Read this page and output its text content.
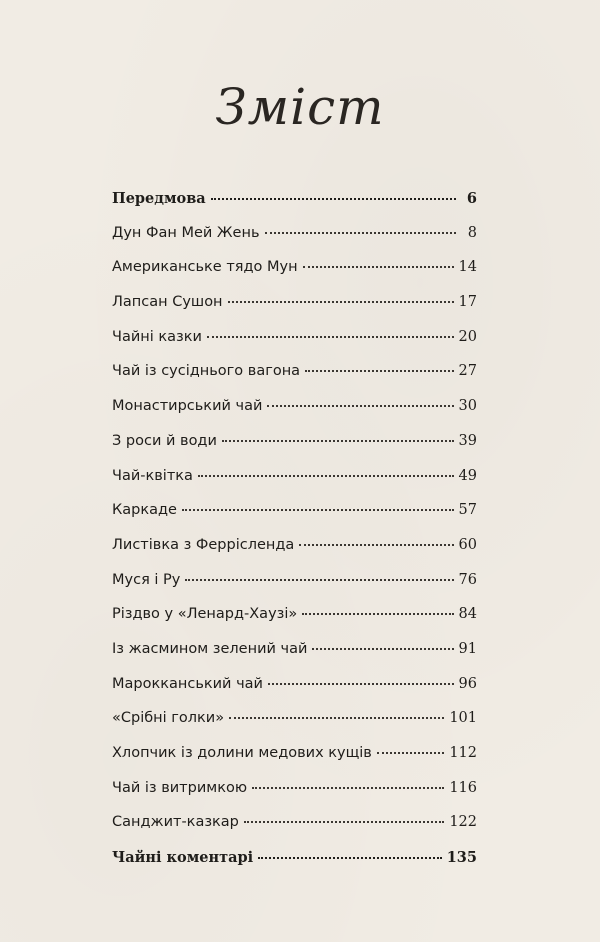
Зміст
Передмова	6
Дун Фан Мей Жень	8
Американське тядо Мун	14
Лапсан Сушон	17
Чайні казки	20
Чай із сусіднього вагона	27
Монастирський чай	30
З роси й води	39
Чай-квітка	49
Каркаде	57
Листівка з Феррісленда	60
Муся і Ру	76
Різдво у «Ленард-Хаузі»	84
Із жасмином зелений чай	91
Марокканський чай	96
«Срібні голки»	101
Хлопчик із долини медових кущів	112
Чай із витримкою	116
Санджит-казкар	122
Чайні коментарі	135
